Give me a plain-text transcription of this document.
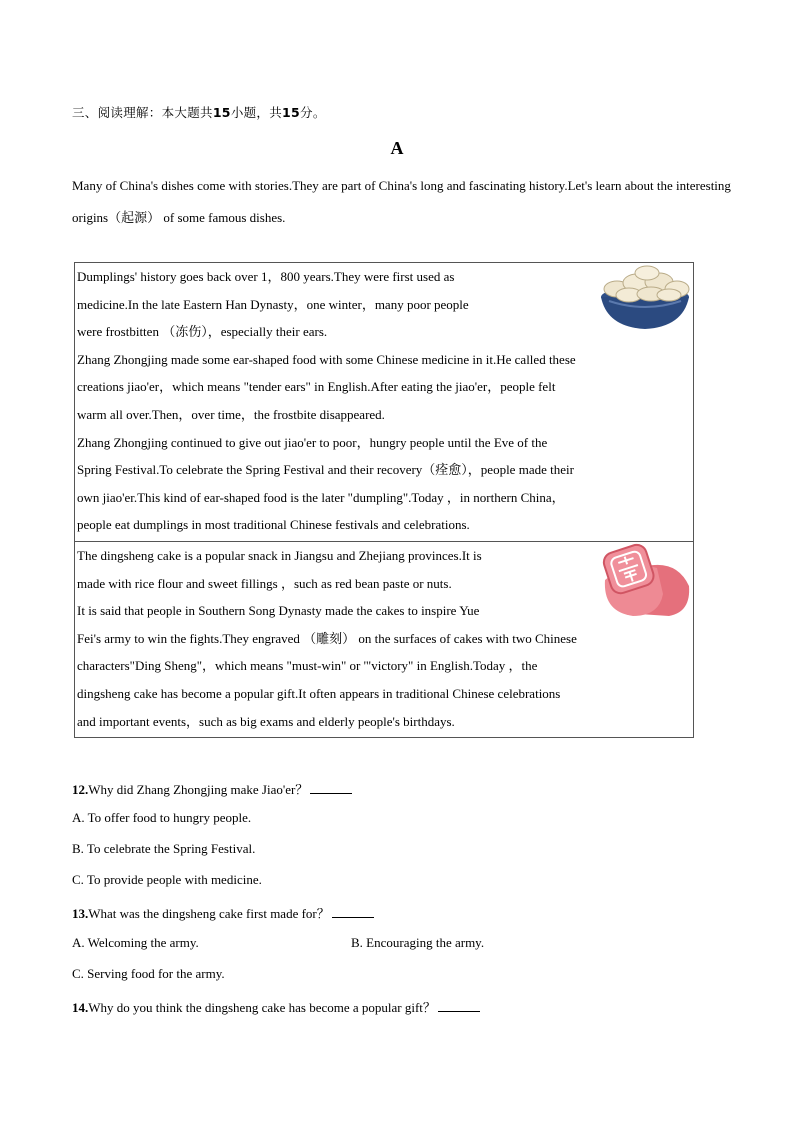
三、阅读理解：本大题共15小题，共15分。
A
Many of China's dishes come with stories.They are part of China's long and fascinating history.Let's learn about the interesting origins（起源） of some famous dishes.
Dumplings' history goes back over 1，800 years.They were first used as
medicine.In the late Eastern Han Dynasty，one winter，many poor people
were frostbitten （冻伤），especially their ears.
Zhang Zhongjing made some ear-shaped food with some Chinese medicine in it.He called these
creations jiao'er，which means "tender ears" in English.After eating the jiao'er，people felt
warm all over.Then，over time，the frostbite disappeared.
Zhang Zhongjing continued to give out jiao'er to poor，hungry people until the Eve of the
Spring Festival.To celebrate the Spring Festival and their recovery（痊愈），people made their
own jiao'er.This kind of ear-shaped food is the later "dumpling".Today ，in northern China，
people eat dumplings in most traditional Chinese festivals and celebrations.
The dingsheng cake is a popular snack in Jiangsu and Zhejiang provinces.It is
made with rice flour and sweet fillings ，such as red bean paste or nuts.
It is said that people in Southern Song Dynasty made the cakes to inspire Yue
Fei's army to win the fights.They engraved （雕刻） on the surfaces of cakes with two Chinese
characters"Ding Sheng"，which means "must-win" or '"victory" in English.Today ，the
dingsheng cake has become a popular gift.It often appears in traditional Chinese celebrations
and important events，such as big exams and elderly people's birthdays.
12.Why did Zhang Zhongjing make Jiao'er？
A. To offer food to hungry people.
B. To celebrate the Spring Festival.
C. To provide people with medicine.
13.What was the dingsheng cake first made for？
A. Welcoming the army.	B. Encouraging the army.
C. Serving food for the army.
14.Why do you think the dingsheng cake has become a popular gift？
